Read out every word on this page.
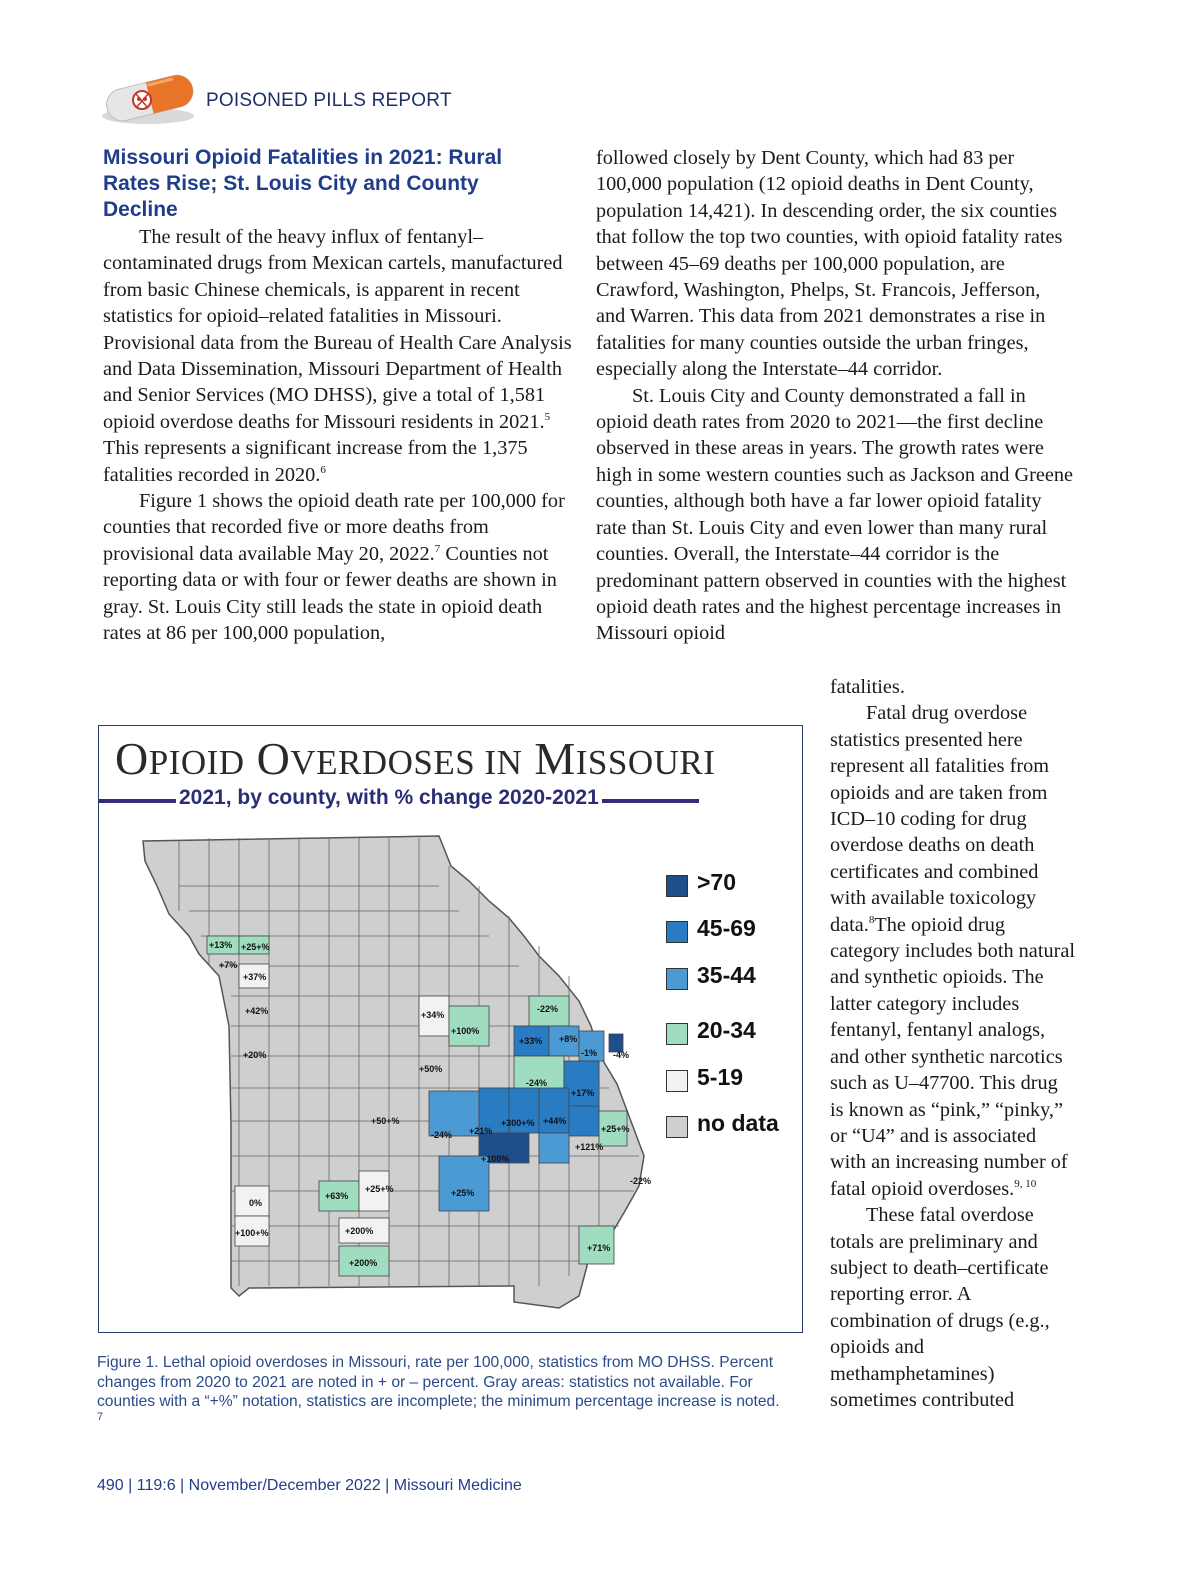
POISONED PILLS REPORT
Missouri Opioid Fatalities in 2021: Rural Rates Rise; St. Louis City and County Decline

The result of the heavy influx of fentanyl–contaminated drugs from Mexican cartels, manufactured from basic Chinese chemicals, is apparent in recent statistics for opioid–related fatalities in Missouri. Provisional data from the Bureau of Health Care Analysis and Data Dissemination, Missouri Department of Health and Senior Services (MO DHSS), give a total of 1,581 opioid overdose deaths for Missouri residents in 2021.$^5$ This represents a significant increase from the 1,375 fatalities recorded in 2020.$^6$

Figure 1 shows the opioid death rate per 100,000 for counties that recorded five or more deaths from provisional data available May 20, 2022.$^7$ Counties not reporting data or with four or fewer deaths are shown in gray. St. Louis City still leads the state in opioid death rates at 86 per 100,000 population,

followed closely by Dent County, which had 83 per 100,000 population (12 opioid deaths in Dent County, population 14,421). In descending order, the six counties that follow the top two counties, with opioid fatality rates between 45–69 deaths per 100,000 population, are Crawford, Washington, Phelps, St. Francois, Jefferson, and Warren. This data from 2021 demonstrates a rise in fatalities for many counties outside the urban fringes, especially along the Interstate–44 corridor.

St. Louis City and County demonstrated a fall in opioid death rates from 2020 to 2021—the first decline observed in these areas in years. The growth rates were high in some western counties such as Jackson and Greene counties, although both have a far lower opioid fatality rate than St. Louis City and even lower than many rural counties. Overall, the Interstate–44 corridor is the predominant pattern observed in counties with the highest opioid death rates and the highest percentage increases in Missouri opioid

fatalities.

Fatal drug overdose statistics presented here represent all fatalities from opioids and are taken from ICD–10 coding for drug overdose deaths on death certificates and combined with available toxicology data.$^8$The opioid drug category includes both natural and synthetic opioids. The latter category includes fentanyl, fentanyl analogs, and other synthetic narcotics such as U–47700. This drug is known as “pink,” “pinky,” or “U4” and is associated with an increasing number of fatal opioid overdoses.$^{9, 10}$

These fatal overdose totals are preliminary and subject to death–certificate reporting error. A combination of drugs (e.g., opioids and methamphetamines) sometimes contributed

OPIOID OVERDOSES IN MISSOURI
2021, by county, with % change 2020-2021
+13% +25+%
+7%
+37%
+42%
+20%
+34%
+100%
-22%
+33% +8%
-1% -4%
+50%
-24%
+17%
+50+%
-24% +21%
+300+% +44%
+25+%
+121%
+100%
-22%
+63%
+25+%	+25%
0%
+100+%	+200%
+200%
+71%
>70
45-69
35-44
20-34
5-19
no data
Figure 1. Lethal opioid overdoses in Missouri, rate per 100,000, statistics from MO DHSS. Percent changes from 2020 to 2021 are noted in + or – percent. Gray areas: statistics not available. For counties with a “+%” notation, statistics are incomplete; the minimum percentage increase is noted. $^7$
490 | 119:6 | November/December 2022 | Missouri Medicine
